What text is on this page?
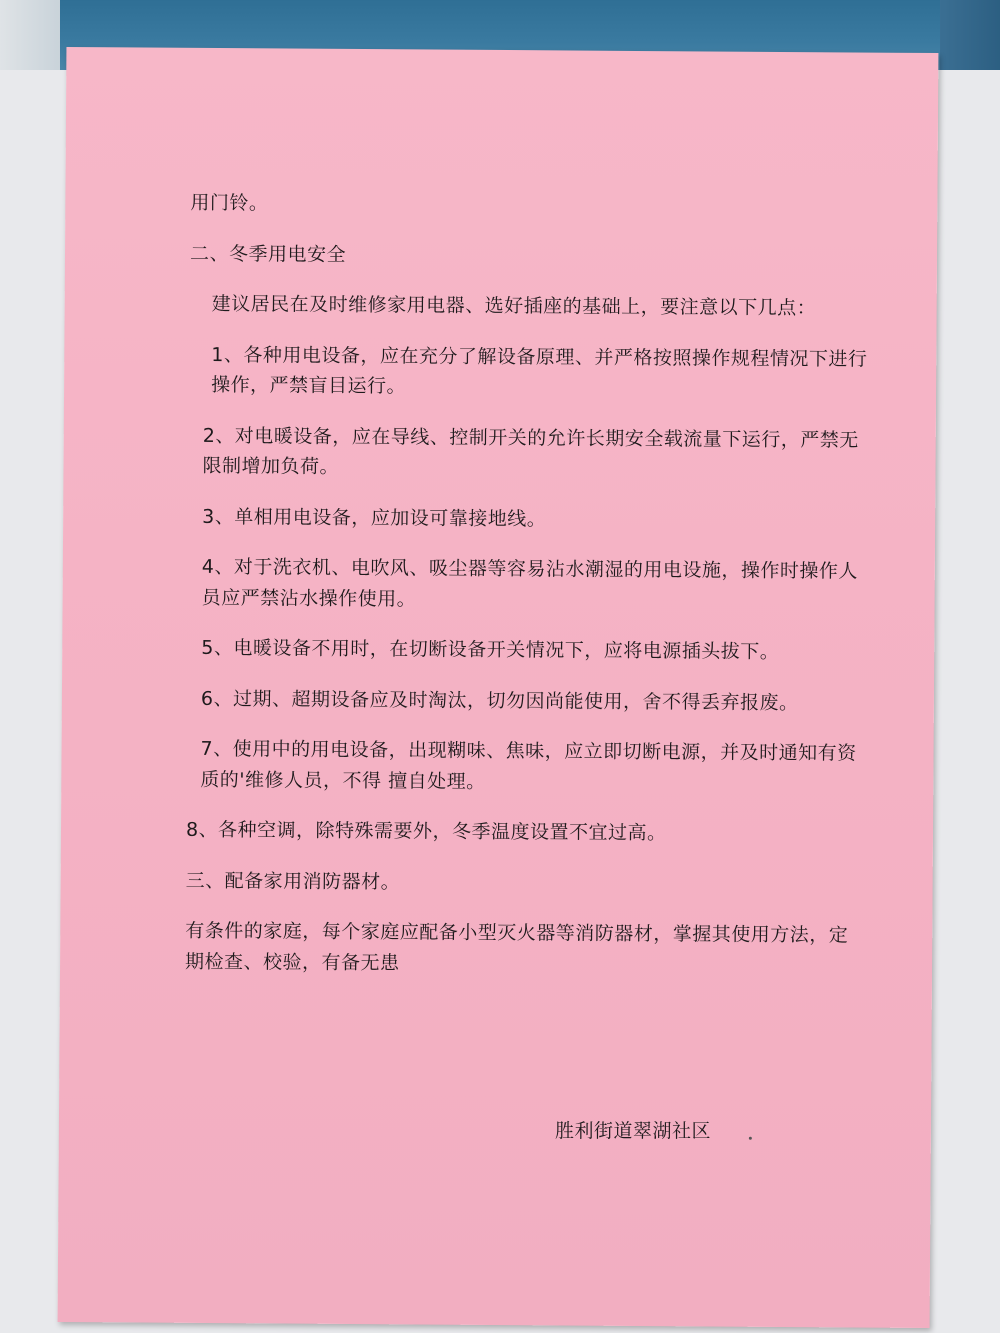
用门铃。
二、冬季用电安全
建议居民在及时维修家用电器、选好插座的基础上，要注意以下几点：
1、各种用电设备，应在充分了解设备原理、并严格按照操作规程情况下进行操作，严禁盲目运行。
2、对电暖设备，应在导线、控制开关的允许长期安全载流量下运行，严禁无限制增加负荷。
3、单相用电设备，应加设可靠接地线。
4、对于洗衣机、电吹风、吸尘器等容易沾水潮湿的用电设施，操作时操作人员应严禁沾水操作使用。
5、电暖设备不用时，在切断设备开关情况下，应将电源插头拔下。
6、过期、超期设备应及时淘汰，切勿因尚能使用，舍不得丢弃报废。
7、使用中的用电设备，出现糊味、焦味，应立即切断电源，并及时通知有资质的'维修人员，不得 擅自处理。
8、各种空调，除特殊需要外，冬季温度设置不宜过高。
三、配备家用消防器材。
有条件的家庭，每个家庭应配备小型灭火器等消防器材，掌握其使用方法，定期检查、校验，有备无患
胜利街道翠湖社区
